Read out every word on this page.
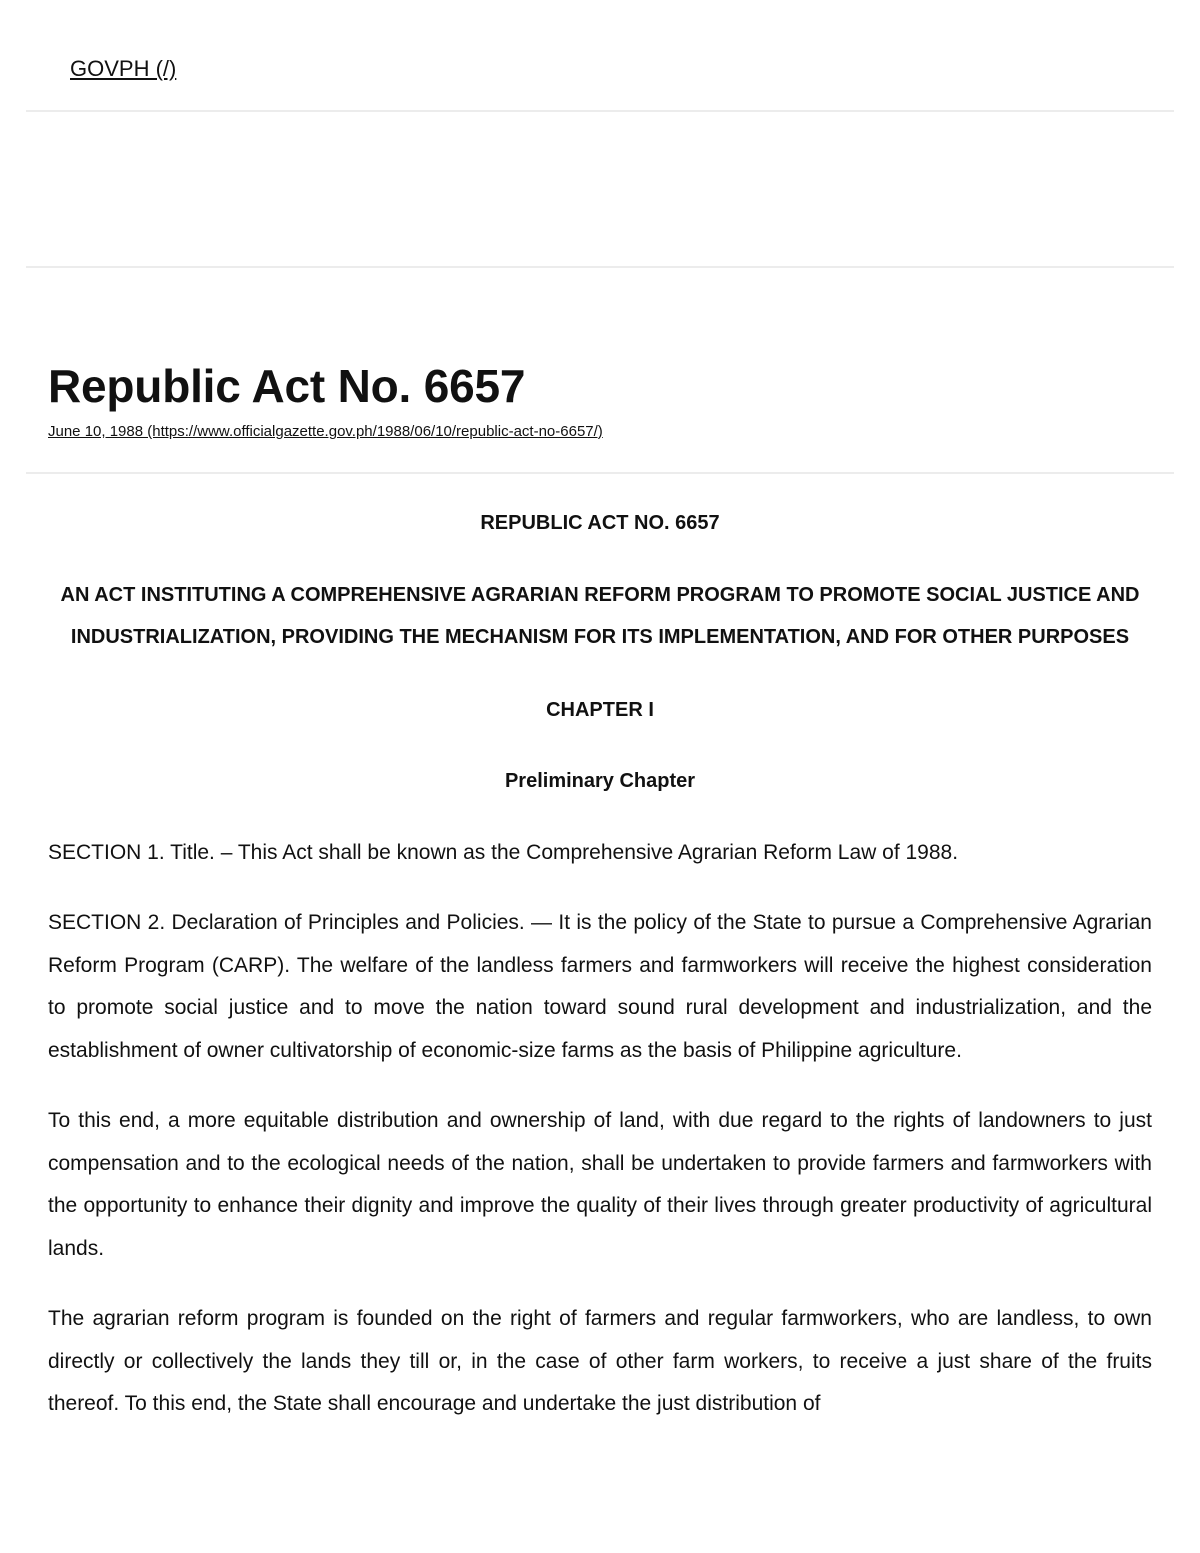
GOVPH (/)
Republic Act No. 6657
June 10, 1988 (https://www.officialgazette.gov.ph/1988/06/10/republic-act-no-6657/)

REPUBLIC ACT NO. 6657

AN ACT INSTITUTING A COMPREHENSIVE AGRARIAN REFORM PROGRAM TO PROMOTE SOCIAL JUSTICE AND INDUSTRIALIZATION, PROVIDING THE MECHANISM FOR ITS IMPLEMENTATION, AND FOR OTHER PURPOSES

CHAPTER I

Preliminary Chapter

SECTION 1. Title. – This Act shall be known as the Comprehensive Agrarian Reform Law of 1988.

SECTION 2. Declaration of Principles and Policies. — It is the policy of the State to pursue a Comprehensive Agrarian Reform Program (CARP). The welfare of the landless farmers and farmworkers will receive the highest consideration to promote social justice and to move the nation toward sound rural development and industrialization, and the establishment of owner cultivatorship of economic-size farms as the basis of Philippine agriculture.

To this end, a more equitable distribution and ownership of land, with due regard to the rights of landowners to just compensation and to the ecological needs of the nation, shall be undertaken to provide farmers and farmworkers with the opportunity to enhance their dignity and improve the quality of their lives through greater productivity of agricultural lands.

The agrarian reform program is founded on the right of farmers and regular farmworkers, who are landless, to own directly or collectively the lands they till or, in the case of other farm workers, to receive a just share of the fruits thereof. To this end, the State shall encourage and undertake the just distribution of
